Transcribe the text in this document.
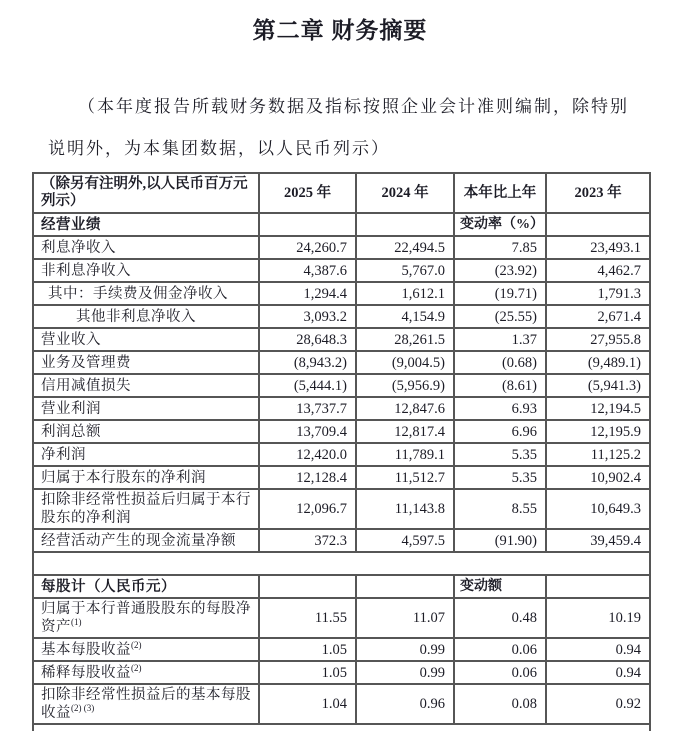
第二章 财务摘要
（本年度报告所载财务数据及指标按照企业会计准则编制，除特别
说明外，为本集团数据，以人民币列示）
（除另有注明外,以人民币百万元
列示）	2025 年	2024 年	本年比上年	2023 年
经营业绩			变动率（%）	
利息净收入	24,260.7	22,494.5	7.85	23,493.1
非利息净收入	4,387.6	5,767.0	(23.92)	4,462.7
其中：手续费及佣金净收入	1,294.4	1,612.1	(19.71)	1,791.3
其他非利息净收入	3,093.2	4,154.9	(25.55)	2,671.4
营业收入	28,648.3	28,261.5	1.37	27,955.8
业务及管理费	(8,943.2)	(9,004.5)	(0.68)	(9,489.1)
信用减值损失	(5,444.1)	(5,956.9)	(8.61)	(5,941.3)
营业利润	13,737.7	12,847.6	6.93	12,194.5
利润总额	13,709.4	12,817.4	6.96	12,195.9
净利润	12,420.0	11,789.1	5.35	11,125.2
归属于本行股东的净利润	12,128.4	11,512.7	5.35	10,902.4
扣除非经常性损益后归属于本行股东的净利润	12,096.7	11,143.8	8.55	10,649.3
经营活动产生的现金流量净额	372.3	4,597.5	(91.90)	39,459.4

每股计（人民币元）			变动额	
归属于本行普通股股东的每股净资产$^{(1)}$	11.55	11.07	0.48	10.19
基本每股收益$^{(2)}$	1.05	0.99	0.06	0.94
稀释每股收益$^{(2)}$	1.05	0.99	0.06	0.94
扣除非经常性损益后的基本每股收益$^{(2) (3)}$	1.04	0.96	0.08	0.92
